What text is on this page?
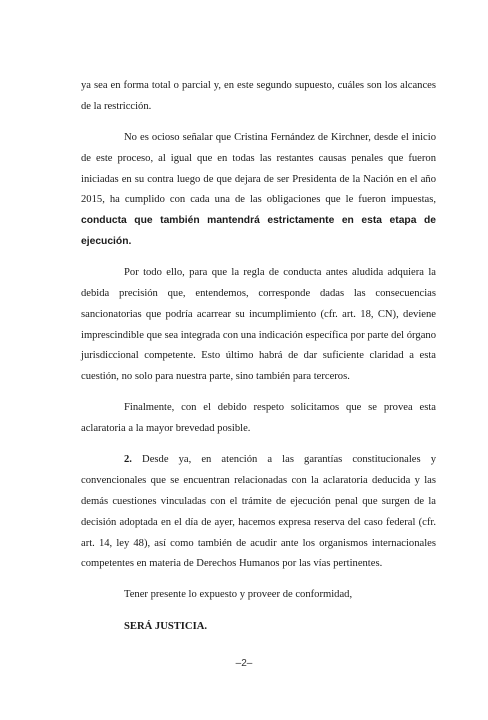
ya sea en forma total o parcial y, en este segundo supuesto, cuáles son los alcances de la restricción.

No es ocioso señalar que Cristina Fernández de Kirchner, desde el inicio de este proceso, al igual que en todas las restantes causas penales que fueron iniciadas en su contra luego de que dejara de ser Presidenta de la Nación en el año 2015, ha cumplido con cada una de las obligaciones que le fueron impuestas, conducta que también mantendrá estrictamente en esta etapa de ejecución.

Por todo ello, para que la regla de conducta antes aludida adquiera la debida precisión que, entendemos, corresponde dadas las consecuencias sancionatorias que podría acarrear su incumplimiento (cfr. art. 18, CN), deviene imprescindible que sea integrada con una indicación específica por parte del órgano jurisdiccional competente. Esto último habrá de dar suficiente claridad a esta cuestión, no solo para nuestra parte, sino también para terceros.

Finalmente, con el debido respeto solicitamos que se provea esta aclaratoria a la mayor brevedad posible.

2. Desde ya, en atención a las garantías constitucionales y convencionales que se encuentran relacionadas con la aclaratoria deducida y las demás cuestiones vinculadas con el trámite de ejecución penal que surgen de la decisión adoptada en el día de ayer, hacemos expresa reserva del caso federal (cfr. art. 14, ley 48), así como también de acudir ante los organismos internacionales competentes en materia de Derechos Humanos por las vías pertinentes.

Tener presente lo expuesto y proveer de conformidad,

SERÁ JUSTICIA.

–2–
